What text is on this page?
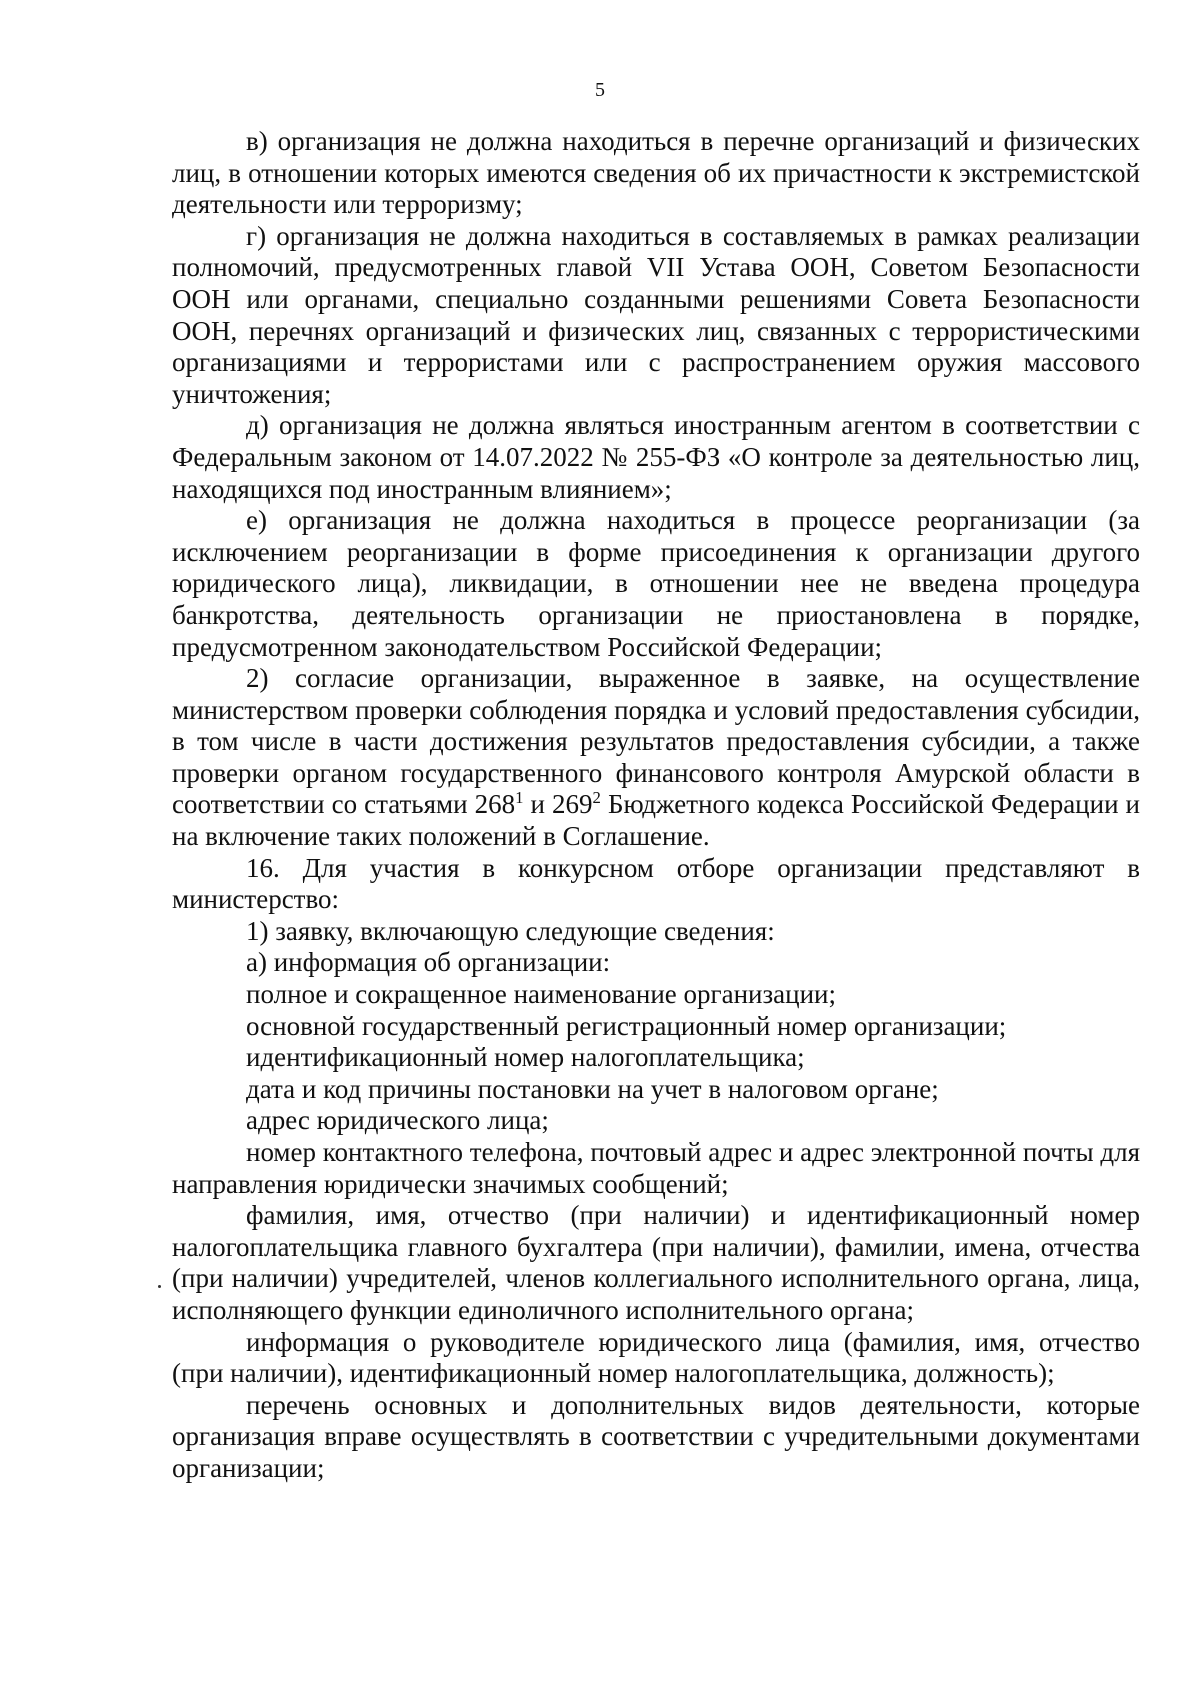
5

в) организация не должна находиться в перечне организаций и физических лиц, в отношении которых имеются сведения об их причастности к экстремистской деятельности или терроризму;

г) организация не должна находиться в составляемых в рамках реализации полномочий, предусмотренных главой VII Устава ООН, Советом Безопасности ООН или органами, специально созданными решениями Совета Безопасности ООН, перечнях организаций и физических лиц, связанных с террористическими организациями и террористами или с распространением оружия массового уничтожения;

д) организация не должна являться иностранным агентом в соответствии с Федеральным законом от 14.07.2022 № 255-ФЗ «О контроле за деятельностью лиц, находящихся под иностранным влиянием»;

е) организация не должна находиться в процессе реорганизации (за исключением реорганизации в форме присоединения к организации другого юридического лица), ликвидации, в отношении нее не введена процедура банкротства, деятельность организации не приостановлена в порядке, предусмотренном законодательством Российской Федерации;

2) согласие организации, выраженное в заявке, на осуществление министерством проверки соблюдения порядка и условий предоставления субсидии, в том числе в части достижения результатов предоставления субсидии, а также проверки органом государственного финансового контроля Амурской области в соответствии со статьями $268^1$ и $269^2$ Бюджетного кодекса Российской Федерации и на включение таких положений в Соглашение.

16. Для участия в конкурсном отборе организации представляют в министерство:

1) заявку, включающую следующие сведения:

а) информация об организации:

полное и сокращенное наименование организации;

основной государственный регистрационный номер организации;

идентификационный номер налогоплательщика;

дата и код причины постановки на учет в налоговом органе;

адрес юридического лица;

номер контактного телефона, почтовый адрес и адрес электронной почты для направления юридически значимых сообщений;

фамилия, имя, отчество (при наличии) и идентификационный номер налогоплательщика главного бухгалтера (при наличии), фамилии, имена, отчества (при наличии) учредителей, членов коллегиального исполнительного органа, лица, исполняющего функции единоличного исполнительного органа;

информация о руководителе юридического лица (фамилия, имя, отчество (при наличии), идентификационный номер налогоплательщика, должность);

перечень основных и дополнительных видов деятельности, которые организация вправе осуществлять в соответствии с учредительными документами организации;
